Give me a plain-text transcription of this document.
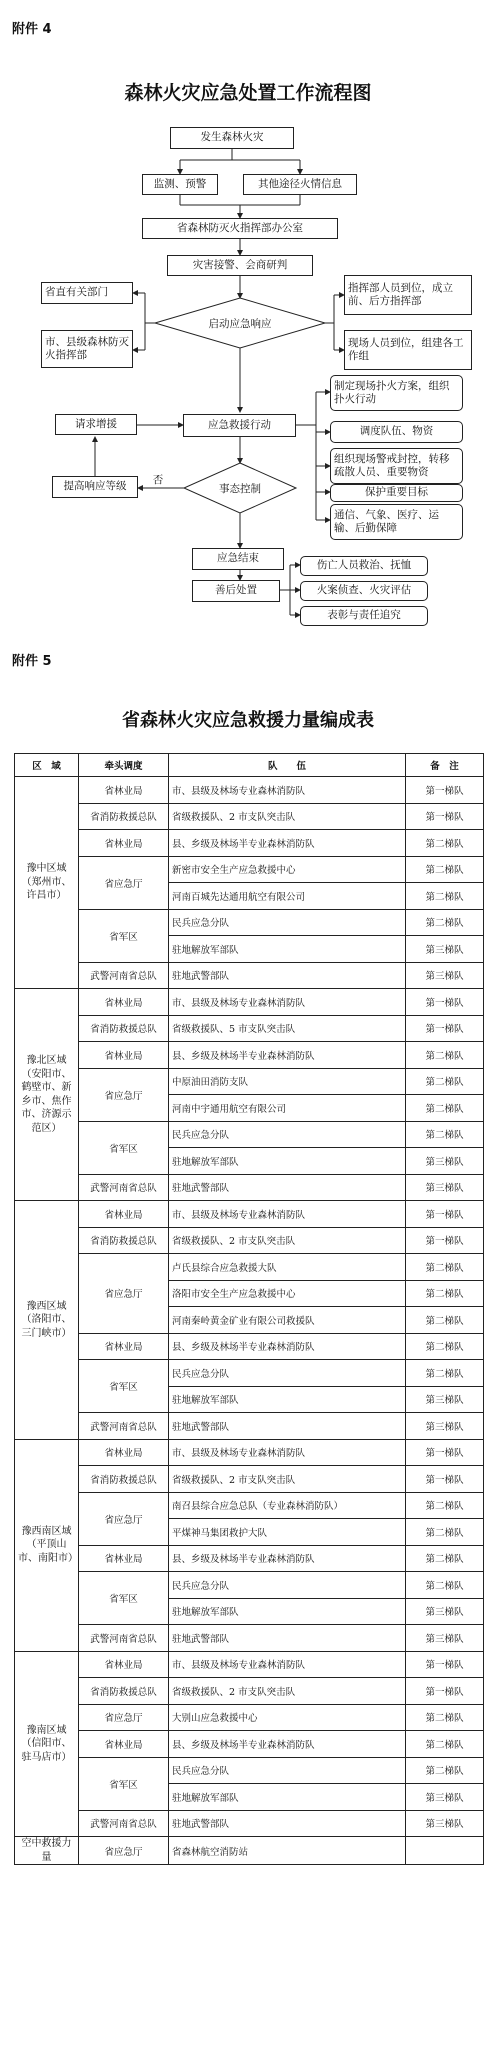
附件 4
森林火灾应急处置工作流程图
发生森林火灾
监测、预警	其他途径火情信息
省森林防灭火指挥部办公室
灾害接警、会商研判
省直有关部门
市、县级森林防灭火指挥部
启动应急响应
指挥部人员到位，成立前、后方指挥部
现场人员到位，组建各工作组
请求增援	应急救援行动
制定现场扑火方案，组织扑火行动
调度队伍、物资
组织现场警戒封控，转移疏散人员、重要物资
保护重要目标
通信、气象、医疗、运输、后勤保障
提高响应等级
否
事态控制
应急结束
善后处置
伤亡人员救治、抚恤
火案侦查、火灾评估
表彰与责任追究
附件 5
省森林火灾应急救援力量编成表
区　域	牵头调度	队　　伍	备　注
豫中区域（郑州市、许昌市）	省林业局	市、县级及林场专业森林消防队	第一梯队
	省消防救援总队	省级救援队、2 市支队突击队	第一梯队
	省林业局	县、乡级及林场半专业森林消防队	第二梯队
	省应急厅	新密市安全生产应急救援中心	第二梯队
		河南百城先达通用航空有限公司	第二梯队
	省军区	民兵应急分队	第二梯队
		驻地解放军部队	第三梯队
	武警河南省总队	驻地武警部队	第三梯队
豫北区域（安阳市、鹤壁市、新乡市、焦作市、济源示范区）	省林业局	市、县级及林场专业森林消防队	第一梯队
	省消防救援总队	省级救援队、5 市支队突击队	第一梯队
	省林业局	县、乡级及林场半专业森林消防队	第二梯队
	省应急厅	中原油田消防支队	第二梯队
		河南中宇通用航空有限公司	第二梯队
	省军区	民兵应急分队	第二梯队
		驻地解放军部队	第三梯队
	武警河南省总队	驻地武警部队	第三梯队
豫西区域（洛阳市、三门峡市）	省林业局	市、县级及林场专业森林消防队	第一梯队
	省消防救援总队	省级救援队、2 市支队突击队	第一梯队
	省应急厅	卢氏县综合应急救援大队	第二梯队
		洛阳市安全生产应急救援中心	第二梯队
		河南秦岭黄金矿业有限公司救援队	第二梯队
	省林业局	县、乡级及林场半专业森林消防队	第二梯队
	省军区	民兵应急分队	第二梯队
		驻地解放军部队	第三梯队
	武警河南省总队	驻地武警部队	第三梯队
豫西南区域（平顶山市、南阳市）	省林业局	市、县级及林场专业森林消防队	第一梯队
	省消防救援总队	省级救援队、2 市支队突击队	第一梯队
	省应急厅	南召县综合应急总队（专业森林消防队）	第二梯队
		平煤神马集团救护大队	第二梯队
	省林业局	县、乡级及林场半专业森林消防队	第二梯队
	省军区	民兵应急分队	第二梯队
		驻地解放军部队	第三梯队
	武警河南省总队	驻地武警部队	第三梯队
豫南区域（信阳市、驻马店市）	省林业局	市、县级及林场专业森林消防队	第一梯队
	省消防救援总队	省级救援队、2 市支队突击队	第一梯队
	省应急厅	大别山应急救援中心	第二梯队
	省林业局	县、乡级及林场半专业森林消防队	第二梯队
	省军区	民兵应急分队	第二梯队
		驻地解放军部队	第三梯队
	武警河南省总队	驻地武警部队	第三梯队
空中救援力量	省应急厅	省森林航空消防站	
